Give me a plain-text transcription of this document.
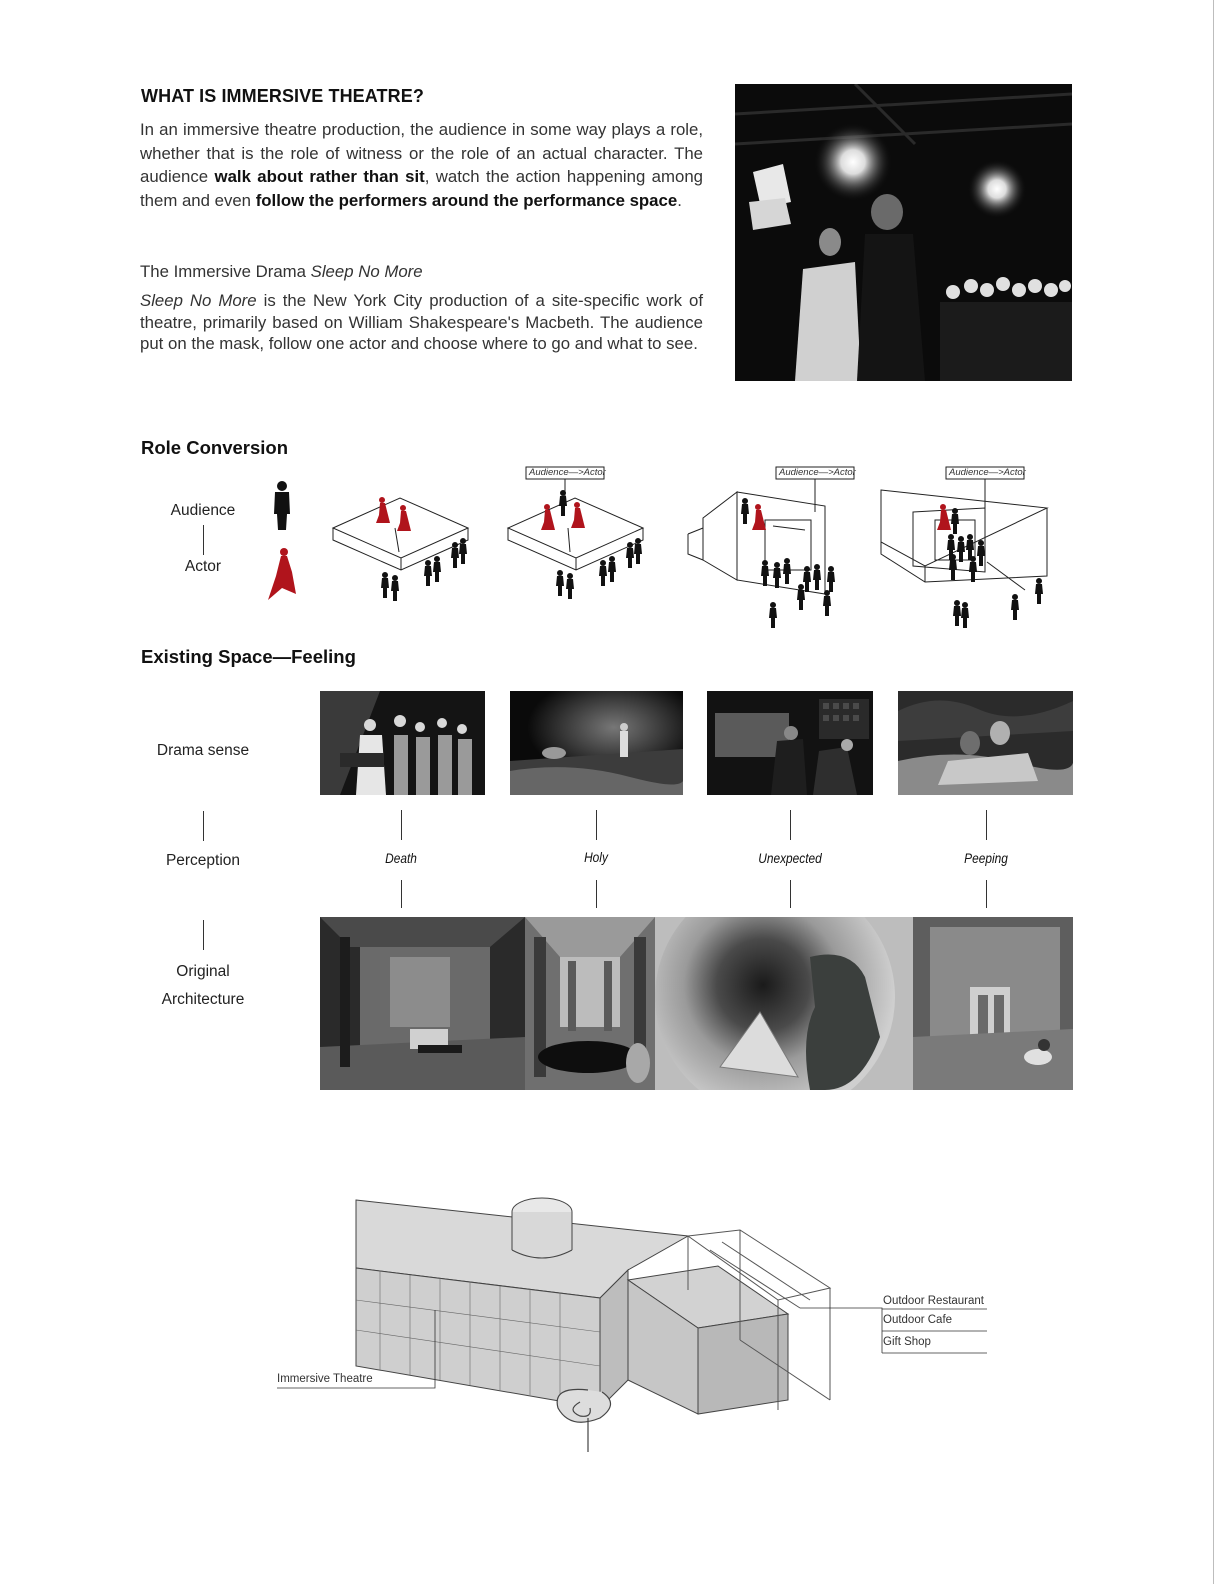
WHAT IS IMMERSIVE THEATRE?
In an immersive theatre production, the audience in some way plays a role, whether that is the role of witness or the role of an actual character. The audience walk about rather than sit, watch the action happening among them and even follow the performers around the performance space.
The Immersive Drama Sleep No More
Sleep No More is the New York City production of a site-specific work of theatre, primarily based on William Shakespeare's Macbeth. The audience put on the mask, follow one actor and choose where to go and what to see.
Role Conversion
Audience
Actor
Audience—>Actor	Audience—>Actor	Audience—>Actor
Existing Space—Feeling
Drama sense
Perception
Original
Architecture
Death	Holy	Unexpected	Peeping
Immersive Theatre
Outdoor Restaurant
Outdoor Cafe
Gift Shop
